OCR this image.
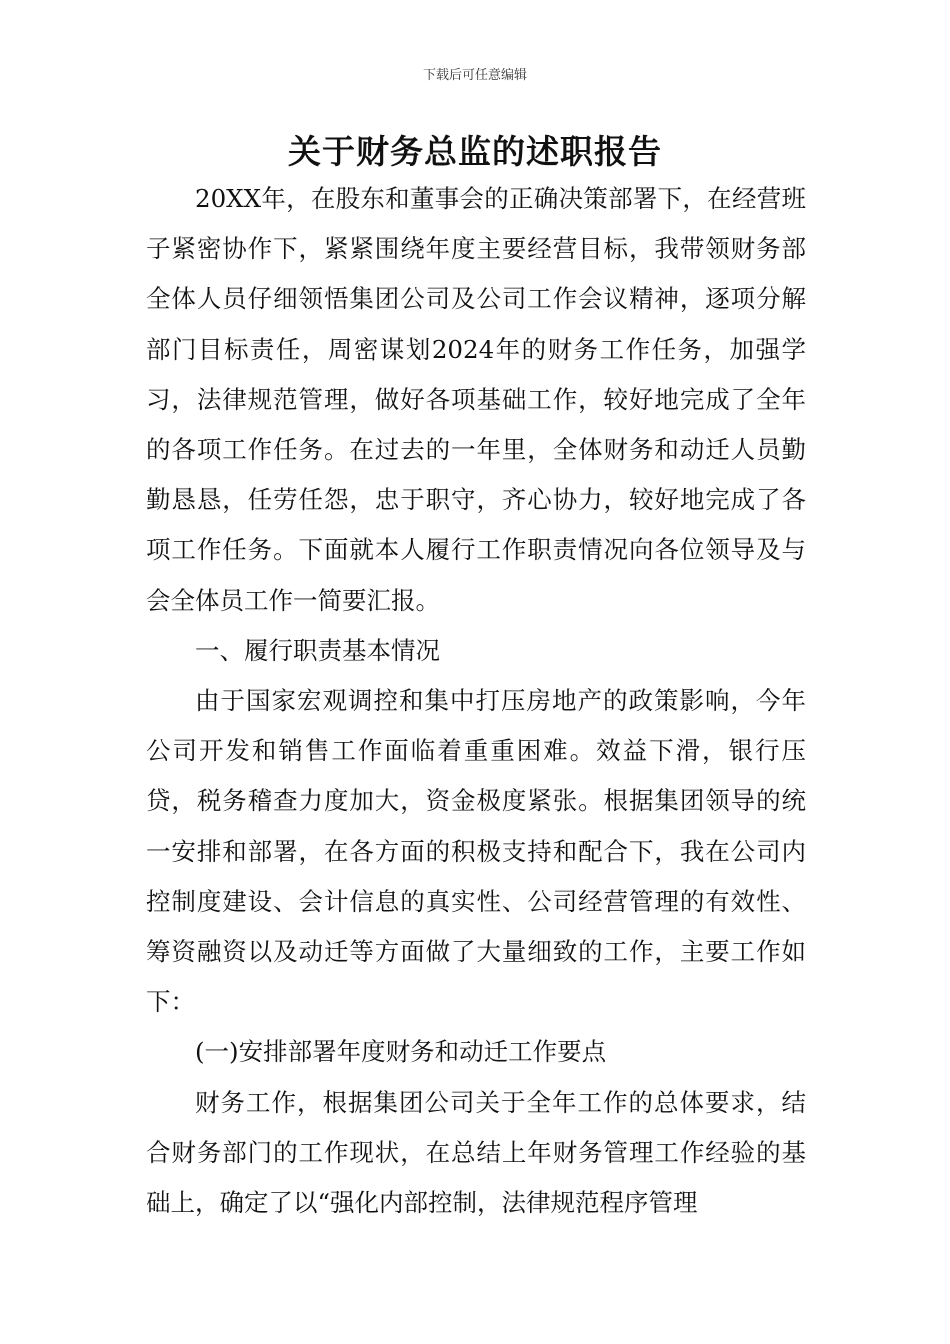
下载后可任意编辑
关于财务总监的述职报告

20XX年，在股东和董事会的正确决策部署下，在经营班子紧密协作下，紧紧围绕年度主要经营目标，我带领财务部全体人员仔细领悟集团公司及公司工作会议精神，逐项分解部门目标责任，周密谋划2024年的财务工作任务，加强学习，法律规范管理，做好各项基础工作，较好地完成了全年的各项工作任务。在过去的一年里，全体财务和动迁人员勤勤恳恳，任劳任怨，忠于职守，齐心协力，较好地完成了各项工作任务。下面就本人履行工作职责情况向各位领导及与会全体员工作一简要汇报。

一、履行职责基本情况

由于国家宏观调控和集中打压房地产的政策影响，今年公司开发和销售工作面临着重重困难。效益下滑，银行压贷，税务稽查力度加大，资金极度紧张。根据集团领导的统一安排和部署，在各方面的积极支持和配合下，我在公司内控制度建设、会计信息的真实性、公司经营管理的有效性、筹资融资以及动迁等方面做了大量细致的工作，主要工作如下：

(一)安排部署年度财务和动迁工作要点

财务工作，根据集团公司关于全年工作的总体要求，结合财务部门的工作现状，在总结上年财务管理工作经验的基础上，确定了以“强化内部控制，法律规范程序管理
